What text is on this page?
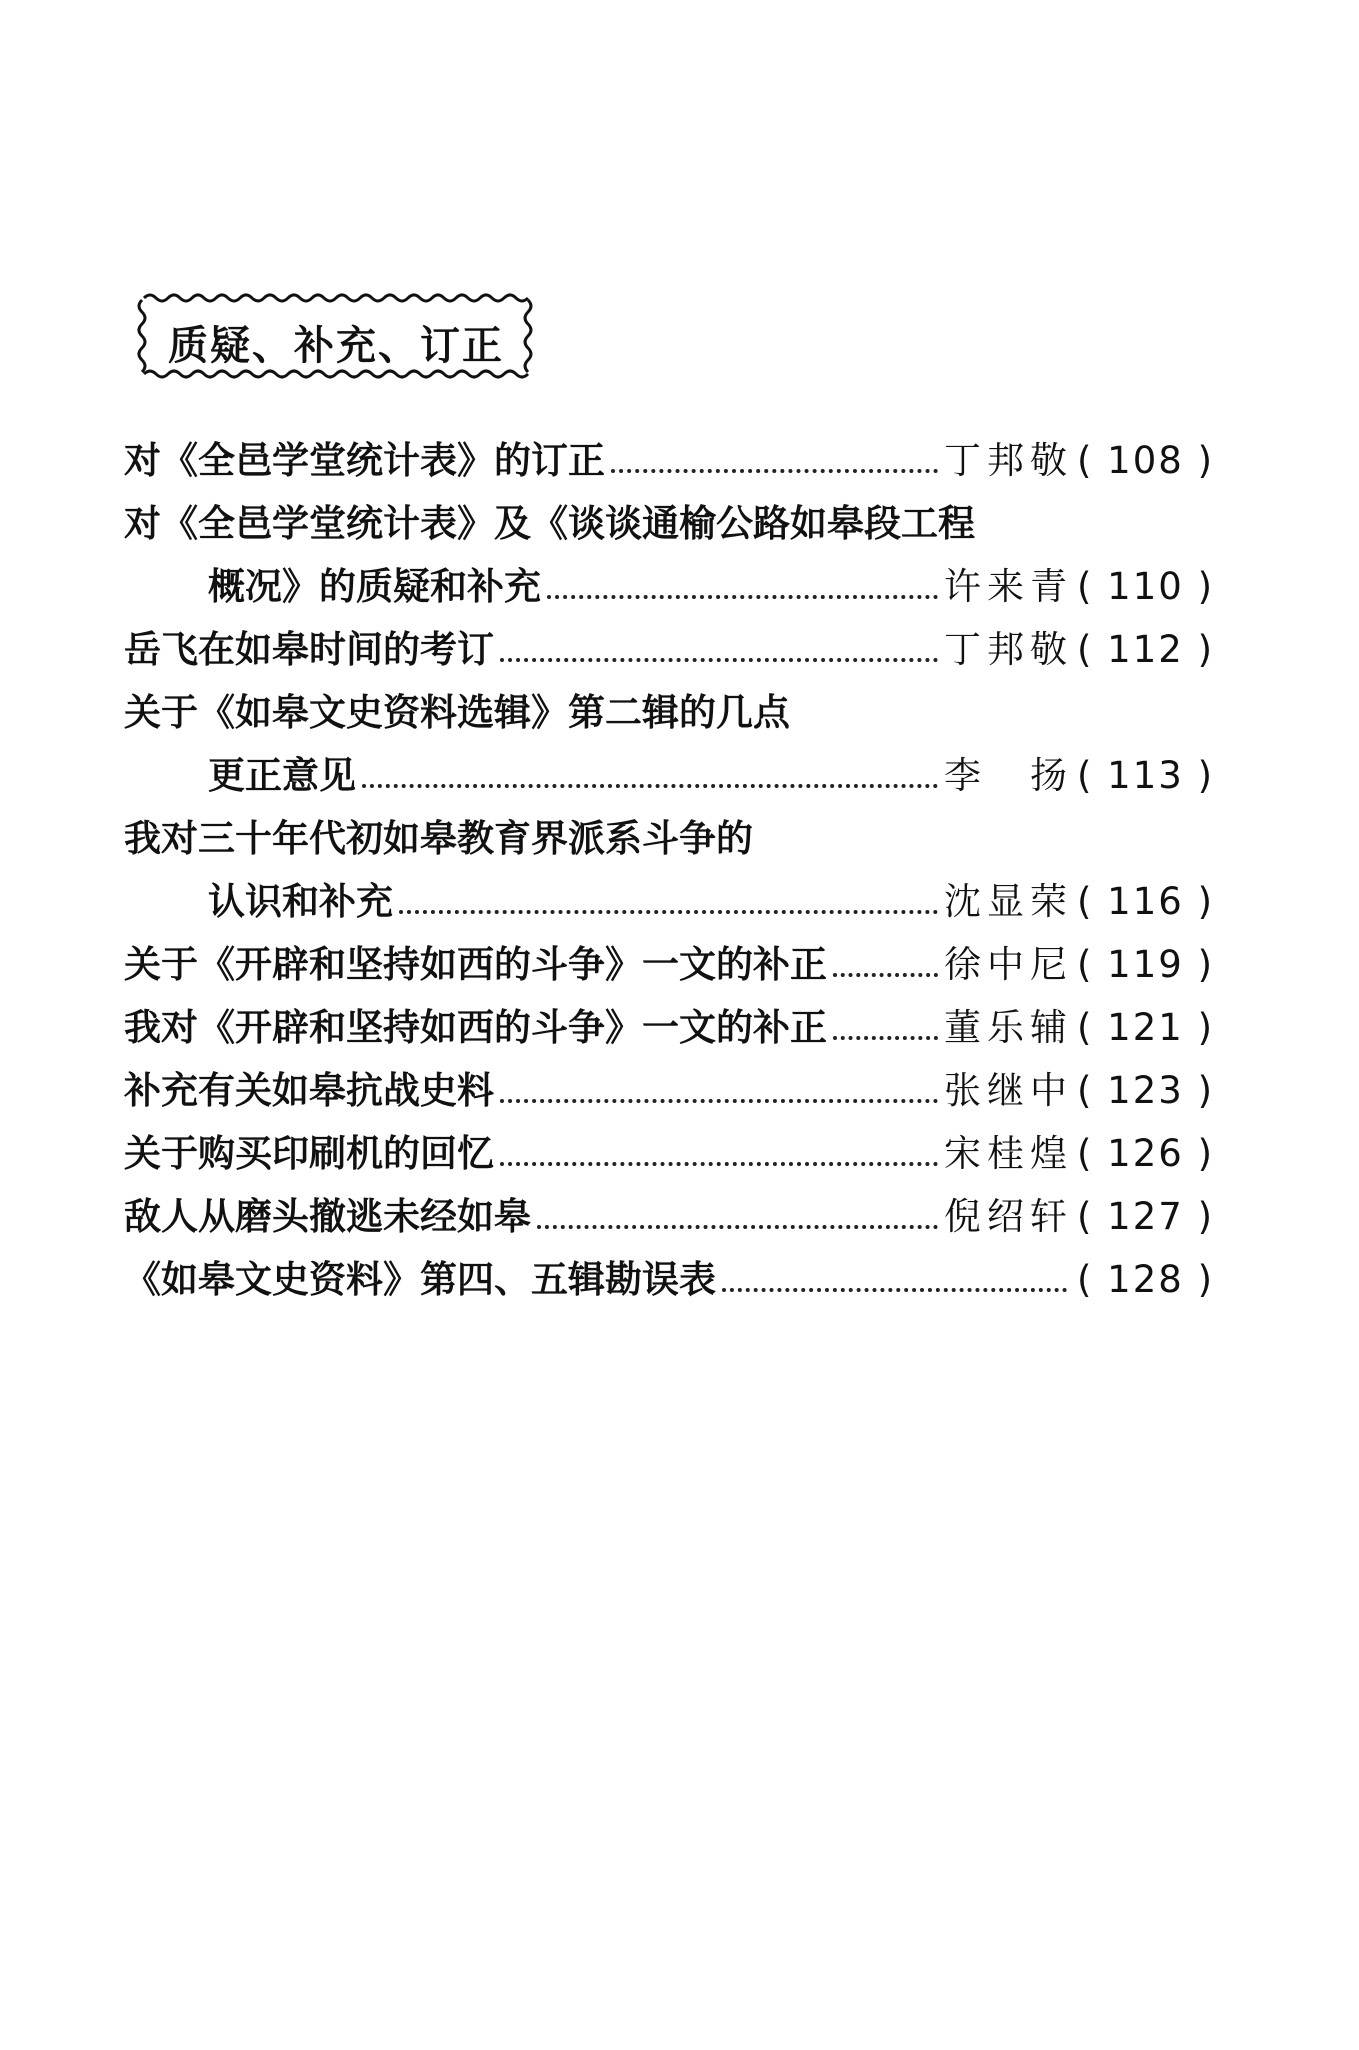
质疑、补充、订正
对《全邑学堂统计表》的订正	丁邦敬 ( 108 )
对《全邑学堂统计表》及《谈谈通榆公路如皋段工程
概况》的质疑和补充	许来青 ( 110 )
岳飞在如皋时间的考订	丁邦敬 ( 112 )
关于《如皋文史资料选辑》第二辑的几点
更正意见	李　扬 ( 113 )
我对三十年代初如皋教育界派系斗争的
认识和补充	沈显荣 ( 116 )
关于《开辟和坚持如西的斗争》一文的补正	徐中尼 ( 119 )
我对《开辟和坚持如西的斗争》一文的补正	董乐辅 ( 121 )
补充有关如皋抗战史料	张继中 ( 123 )
关于购买印刷机的回忆	宋桂煌 ( 126 )
敌人从磨头撤逃未经如皋	倪绍轩 ( 127 )
《如皋文史资料》第四、五辑勘误表	( 128 )
